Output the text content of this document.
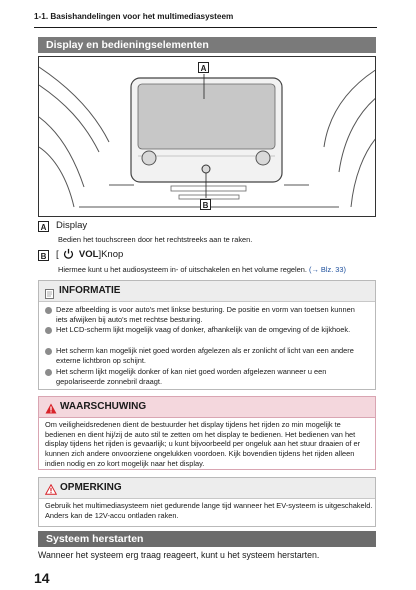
1-1. Basishandelingen voor het multimediasysteem
Display en bedieningselementen
A
B
A Display
Bedien het touchscreen door het rechtstreeks aan te raken.
B [ VOL]Knop
Hiermee kunt u het audiosysteem in- of uitschakelen en het volume regelen. (→ Blz. 33)
INFORMATIE
Deze afbeelding is voor auto's met linkse besturing. De positie en vorm van toetsen kunnen iets afwijken bij auto's met rechtse besturing.
Het LCD-scherm lijkt mogelijk vaag of donker, afhankelijk van de omgeving of de kijkhoek.
Het scherm kan mogelijk niet goed worden afgelezen als er zonlicht of licht van een andere externe lichtbron op schijnt.
Het scherm lijkt mogelijk donker of kan niet goed worden afgelezen wanneer u een gepolariseerde zonnebril draagt.
WAARSCHUWING
Om veiligheidsredenen dient de bestuurder het display tijdens het rijden zo min mogelijk te bedienen en dient hij/zij de auto stil te zetten om het display te bedienen. Het bedienen van het display tijdens het rijden is gevaarlijk; u kunt bijvoorbeeld per ongeluk aan het stuur draaien of er kunnen zich andere onvoorziene ongelukken voordoen. Kijk bovendien tijdens het rijden alleen indien nodig en zo kort mogelijk naar het display.
OPMERKING
Gebruik het multimediasysteem niet gedurende lange tijd wanneer het EV-systeem is uitgeschakeld. Anders kan de 12V-accu ontladen raken.
Systeem herstarten
Wanneer het systeem erg traag reageert, kunt u het systeem herstarten.
14
